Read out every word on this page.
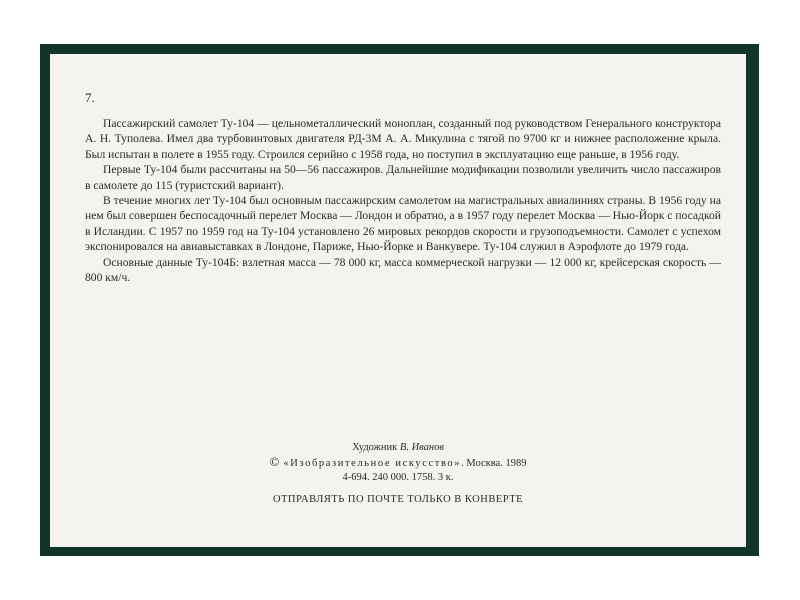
7.

Пассажирский самолет Ту-104 — цельнометаллический моноплан, созданный под руководством Генерального конструктора А. Н. Туполева. Имел два турбовинтовых двигателя РД-3М А. А. Микулина с тягой по 9700 кг и нижнее расположение крыла. Был испытан в полете в 1955 году. Строился серийно с 1958 года, но поступил в эксплуатацию еще раньше, в 1956 году.

Первые Ту-104 были рассчитаны на 50—56 пассажиров. Дальнейшие модификации позволили увеличить число пассажиров в самолете до 115 (туристский вариант).

В течение многих лет Ту-104 был основным пассажирским самолетом на магистральных авиалиниях страны. В 1956 году на нем был совершен беспосадочный перелет Москва — Лондон и обратно, а в 1957 году перелет Москва — Нью-Йорк с посадкой в Исландии. С 1957 по 1959 год на Ту-104 установлено 26 мировых рекордов скорости и грузоподъемности. Самолет с успехом экспонировался на авиавыставках в Лондоне, Париже, Нью-Йорке и Ванкувере. Ту-104 служил в Аэрофлоте до 1979 года.

Основные данные Ту-104Б: взлетная масса — 78 000 кг, масса коммерческой нагрузки — 12 000 кг, крейсерская скорость — 800 км/ч.

Художник В. Иванов
© «Изобразительное искусство». Москва. 1989
4-694. 240 000. 1758. 3 к.
ОТПРАВЛЯТЬ ПО ПОЧТЕ ТОЛЬКО В КОНВЕРТЕ
